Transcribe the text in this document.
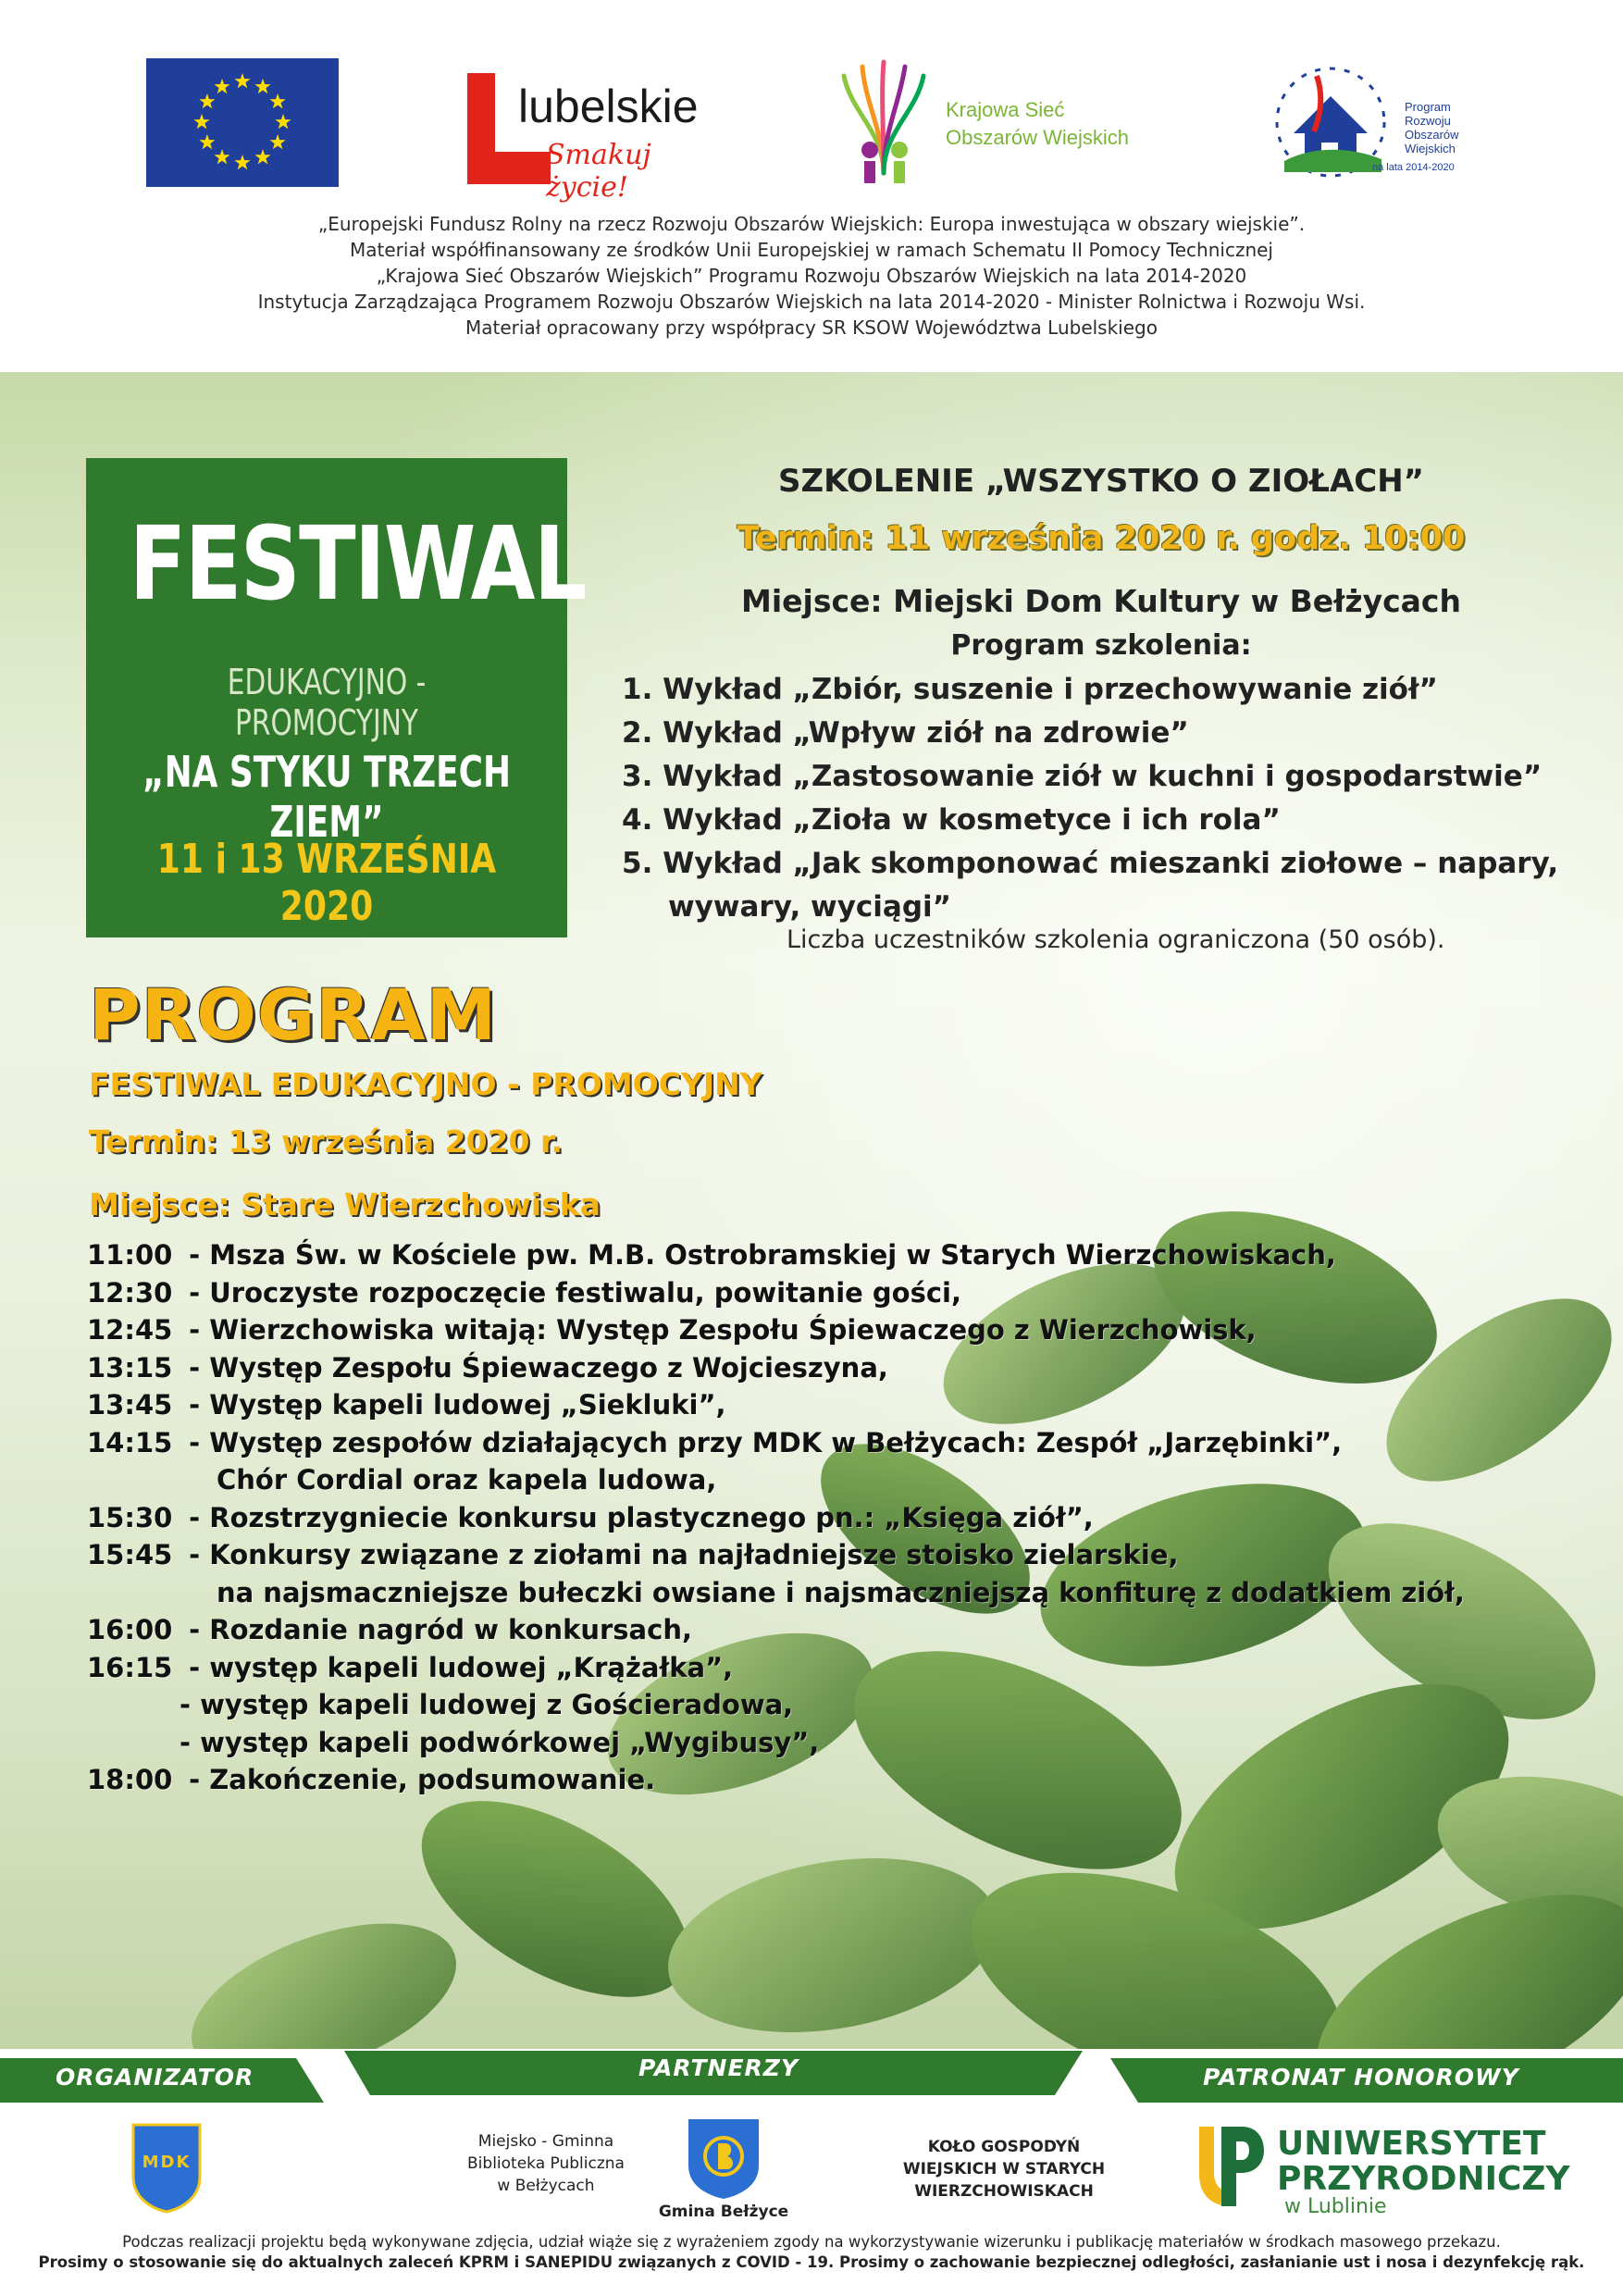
lubelskie
Smakuj życie!
Krajowa Sieć
Obszarów Wiejskich
Program
Rozwoju
Obszarów
Wiejskich
na lata 2014-2020
„Europejski Fundusz Rolny na rzecz Rozwoju Obszarów Wiejskich: Europa inwestująca w obszary wiejskie”.
Materiał współfinansowany ze środków Unii Europejskiej w ramach Schematu II Pomocy Technicznej
„Krajowa Sieć Obszarów Wiejskich” Programu Rozwoju Obszarów Wiejskich na lata 2014-2020
Instytucja Zarządzająca Programem Rozwoju Obszarów Wiejskich na lata 2014-2020 - Minister Rolnictwa i Rozwoju Wsi.
Materiał opracowany przy współpracy SR KSOW Województwa Lubelskiego
FESTIWAL
EDUKACYJNO - PROMOCYJNY
„NA STYKU TRZECH ZIEM”
11 i 13 WRZEŚNIA 2020
SZKOLENIE „WSZYSTKO O ZIOŁACH”
Termin: 11 września 2020 r. godz. 10:00
Miejsce: Miejski Dom Kultury w Bełżycach
Program szkolenia:
1. Wykład „Zbiór, suszenie i przechowywanie ziół”
2. Wykład „Wpływ ziół na zdrowie”
3. Wykład „Zastosowanie ziół w kuchni i gospodarstwie”
4. Wykład „Zioła w kosmetyce i ich rola”
5. Wykład „Jak skomponować mieszanki ziołowe – napary,
wywary, wyciągi”
Liczba uczestników szkolenia ograniczona (50 osób).
PROGRAM
FESTIWAL EDUKACYJNO - PROMOCYJNY
Termin: 13 września 2020 r.
Miejsce: Stare Wierzchowiska
11:00 - Msza Św. w Kościele pw. M.B. Ostrobramskiej w Starych Wierzchowiskach,
12:30 - Uroczyste rozpoczęcie festiwalu, powitanie gości,
12:45 - Wierzchowiska witają: Występ Zespołu Śpiewaczego z Wierzchowisk,
13:15 - Występ Zespołu Śpiewaczego z Wojcieszyna,
13:45 - Występ kapeli ludowej „Siekluki”,
14:15 - Występ zespołów działających przy MDK w Bełżycach: Zespół „Jarzębinki”,
Chór Cordial oraz kapela ludowa,
15:30 - Rozstrzygniecie konkursu plastycznego pn.: „Księga ziół”,
15:45 - Konkursy związane z ziołami na najładniejsze stoisko zielarskie,
na najsmaczniejsze bułeczki owsiane i najsmaczniejszą konfiturę z dodatkiem ziół,
16:00 - Rozdanie nagród w konkursach,
16:15 - występ kapeli ludowej „Krążałka”,
- występ kapeli ludowej z Gościeradowa,
- występ kapeli podwórkowej „Wygibusy”,
18:00 - Zakończenie, podsumowanie.
ORGANIZATOR	PARTNERZY	PATRONAT HONOROWY
MDK
Miejsko - Gminna
Biblioteka Publiczna
w Bełżycach
Gmina Bełżyce
KOŁO GOSPODYŃ
WIEJSKICH W STARYCH
WIERZCHOWISKACH
UNIWERSYTET
PRZYRODNICZY
w Lublinie
Podczas realizacji projektu będą wykonywane zdjęcia, udział wiąże się z wyrażeniem zgody na wykorzystywanie wizerunku i publikację materiałów w środkach masowego przekazu.
Prosimy o stosowanie się do aktualnych zaleceń KPRM i SANEPIDU związanych z COVID - 19. Prosimy o zachowanie bezpiecznej odległości, zasłanianie ust i nosa i dezynfekcję rąk.
